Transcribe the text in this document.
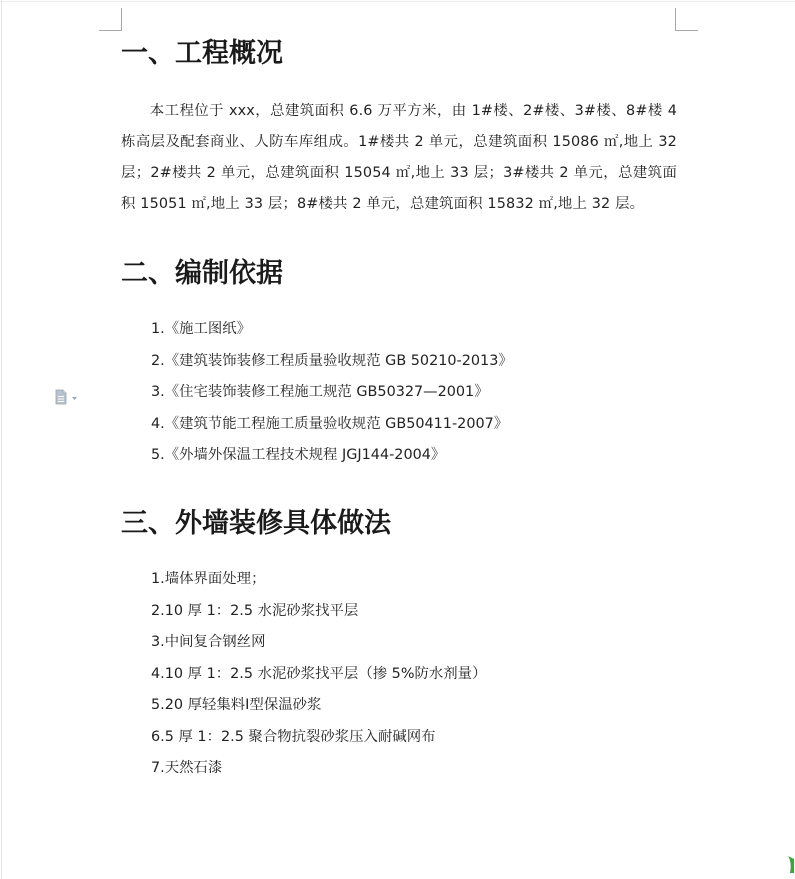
一、工程概况

本工程位于 xxx，总建筑面积 6.6 万平方米，由 1#楼、2#楼、3#楼、8#楼 4 栋高层及配套商业、人防车库组成。1#楼共 2 单元，总建筑面积 15086 ㎡,地上 32 层；2#楼共 2 单元，总建筑面积 15054 ㎡,地上 33 层；3#楼共 2 单元，总建筑面积 15051 ㎡,地上 33 层；8#楼共 2 单元，总建筑面积 15832 ㎡,地上 32 层。

二、编制依据
1.《施工图纸》
2.《建筑装饰装修工程质量验收规范 GB 50210-2013》
3.《住宅装饰装修工程施工规范 GB50327—2001》
4.《建筑节能工程施工质量验收规范 GB50411-2007》
5.《外墙外保温工程技术规程 JGJ144-2004》
三、外墙装修具体做法
1.墙体界面处理；
2.10 厚 1：2.5 水泥砂浆找平层
3.中间复合钢丝网
4.10 厚 1：2.5 水泥砂浆找平层（掺 5%防水剂量）
5.20 厚轻集料Ⅰ型保温砂浆
6.5 厚 1：2.5 聚合物抗裂砂浆压入耐碱网布
7.天然石漆
